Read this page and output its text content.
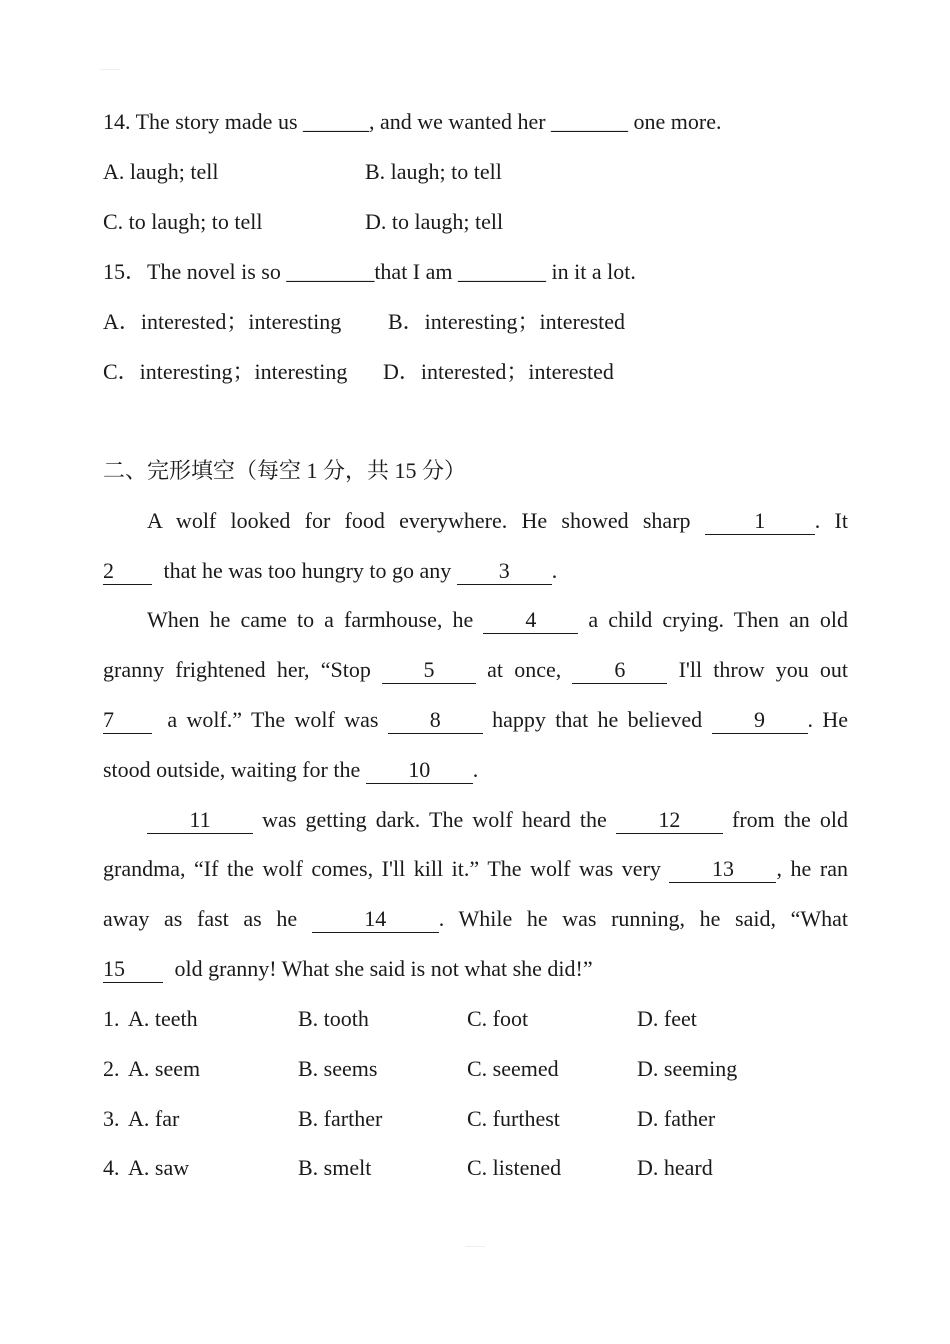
14. The story made us ______, and we wanted her _______ one more.
A. laugh; tell	B. laugh; to tell
C. to laugh; to tell	D. to laugh; tell
15．The novel is so ________that I am ________ in it a lot.
A．interested；interesting B．interesting；interested
C．interesting；interesting D．interested；interested
二、完形填空（每空 1 分，共 15 分）
A wolf looked for food everywhere. He showed sharp	1 . It
2 that he was too hungry to go any 3 .
When he came to a farmhouse, he 4 a child crying. Then an old
granny frightened her, “Stop 5 at once, 6 I'll throw you out
7 a wolf.” The wolf was 8 happy that he believed 9 . He
stood outside, waiting for the 10 .
11 was getting dark. The wolf heard the 12 from the old
grandma, “If the wolf comes, I'll kill it.” The wolf was very 13 , he ran
away as fast as he	14 . While he was running, he said, “What
15 old granny! What she said is not what she did!”
1. A. teeth	B. tooth	C. foot	D. feet
2. A. seem	B. seems	C. seemed	D. seeming
3. A. far	B. farther	C. furthest	D. father
4. A. saw	B. smelt	C. listened	D. heard
